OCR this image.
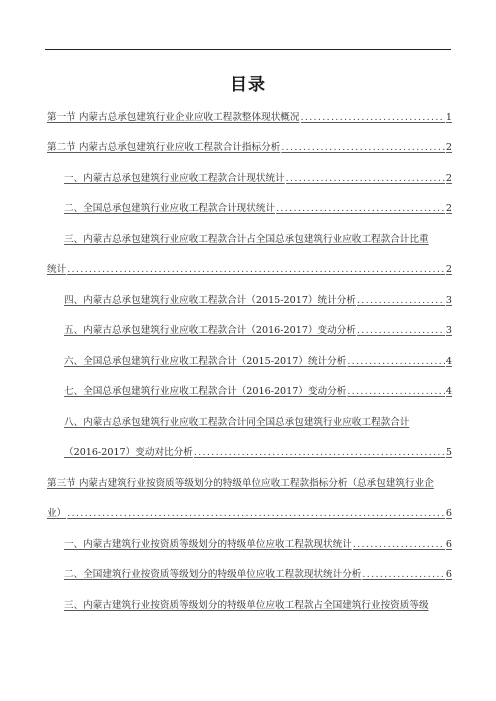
目录
第一节 内蒙古总承包建筑行业企业应收工程款整体现状概况 .....	1
第二节 内蒙古总承包建筑行业应收工程款合计指标分析 .....	2
一、内蒙古总承包建筑行业应收工程款合计现状统计 .....	2
二、全国总承包建筑行业应收工程款合计现状统计 .....	2
三、内蒙古总承包建筑行业应收工程款合计占全国总承包建筑行业应收工程款合计比重
统计 .....	2
四、内蒙古总承包建筑行业应收工程款合计（2015-2017）统计分析 .....	3
五、内蒙古总承包建筑行业应收工程款合计（2016-2017）变动分析 .....	3
六、全国总承包建筑行业应收工程款合计（2015-2017）统计分析 .....	4
七、全国总承包建筑行业应收工程款合计（2016-2017）变动分析 .....	4
八、内蒙古总承包建筑行业应收工程款合计同全国总承包建筑行业应收工程款合计
（2016-2017）变动对比分析 .....	5
第三节 内蒙古建筑行业按资质等级划分的特级单位应收工程款指标分析（总承包建筑行业企
业） .....	6
一、内蒙古建筑行业按资质等级划分的特级单位应收工程款现状统计 .....	6
二、全国建筑行业按资质等级划分的特级单位应收工程款现状统计分析 .....	6
三、内蒙古建筑行业按资质等级划分的特级单位应收工程款占全国建筑行业按资质等级
